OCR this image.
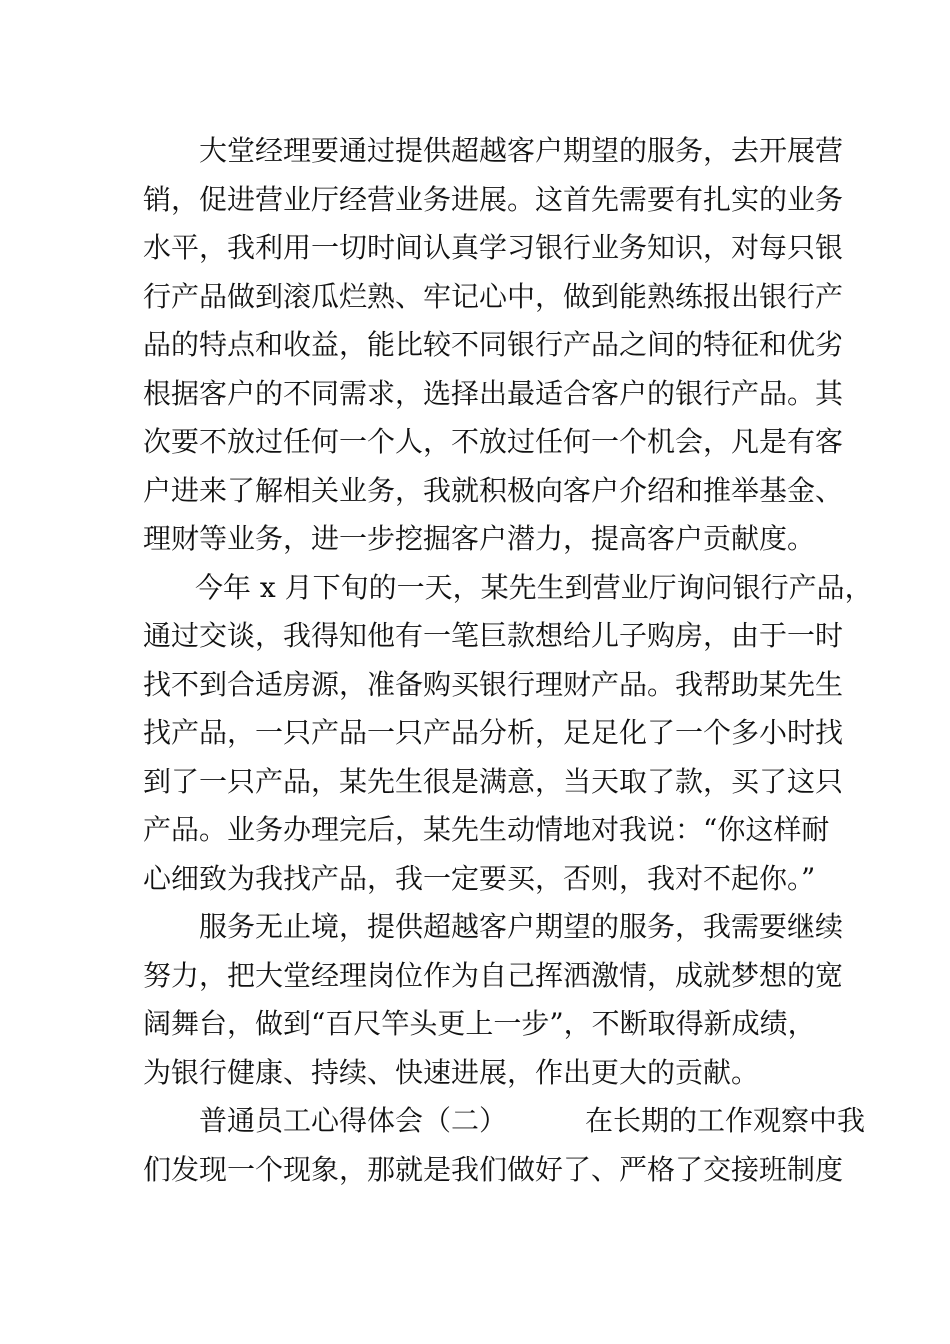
大堂经理要通过提供超越客户期望的服务，去开展营
销，促进营业厅经营业务进展。这首先需要有扎实的业务
水平，我利用一切时间认真学习银行业务知识，对每只银
行产品做到滚瓜烂熟、牢记心中，做到能熟练报出银行产
品的特点和收益，能比较不同银行产品之间的特征和优劣
根据客户的不同需求，选择出最适合客户的银行产品。其
次要不放过任何一个人，不放过任何一个机会，凡是有客
户进来了解相关业务，我就积极向客户介绍和推举基金、
理财等业务，进一步挖掘客户潜力，提高客户贡献度。
今年 x 月下旬的一天，某先生到营业厅询问银行产品，
通过交谈，我得知他有一笔巨款想给儿子购房，由于一时
找不到合适房源，准备购买银行理财产品。我帮助某先生
找产品，一只产品一只产品分析，足足化了一个多小时找
到了一只产品，某先生很是满意，当天取了款，买了这只
产品。业务办理完后，某先生动情地对我说：“你这样耐
心细致为我找产品，我一定要买，否则，我对不起你。”
服务无止境，提供超越客户期望的服务，我需要继续
努力，把大堂经理岗位作为自己挥洒激情，成就梦想的宽
阔舞台，做到“百尺竿头更上一步”，不断取得新成绩，
为银行健康、持续、快速进展，作出更大的贡献。
普通员工心得体会（二）	在长期的工作观察中我
们发现一个现象，那就是我们做好了、严格了交接班制度
